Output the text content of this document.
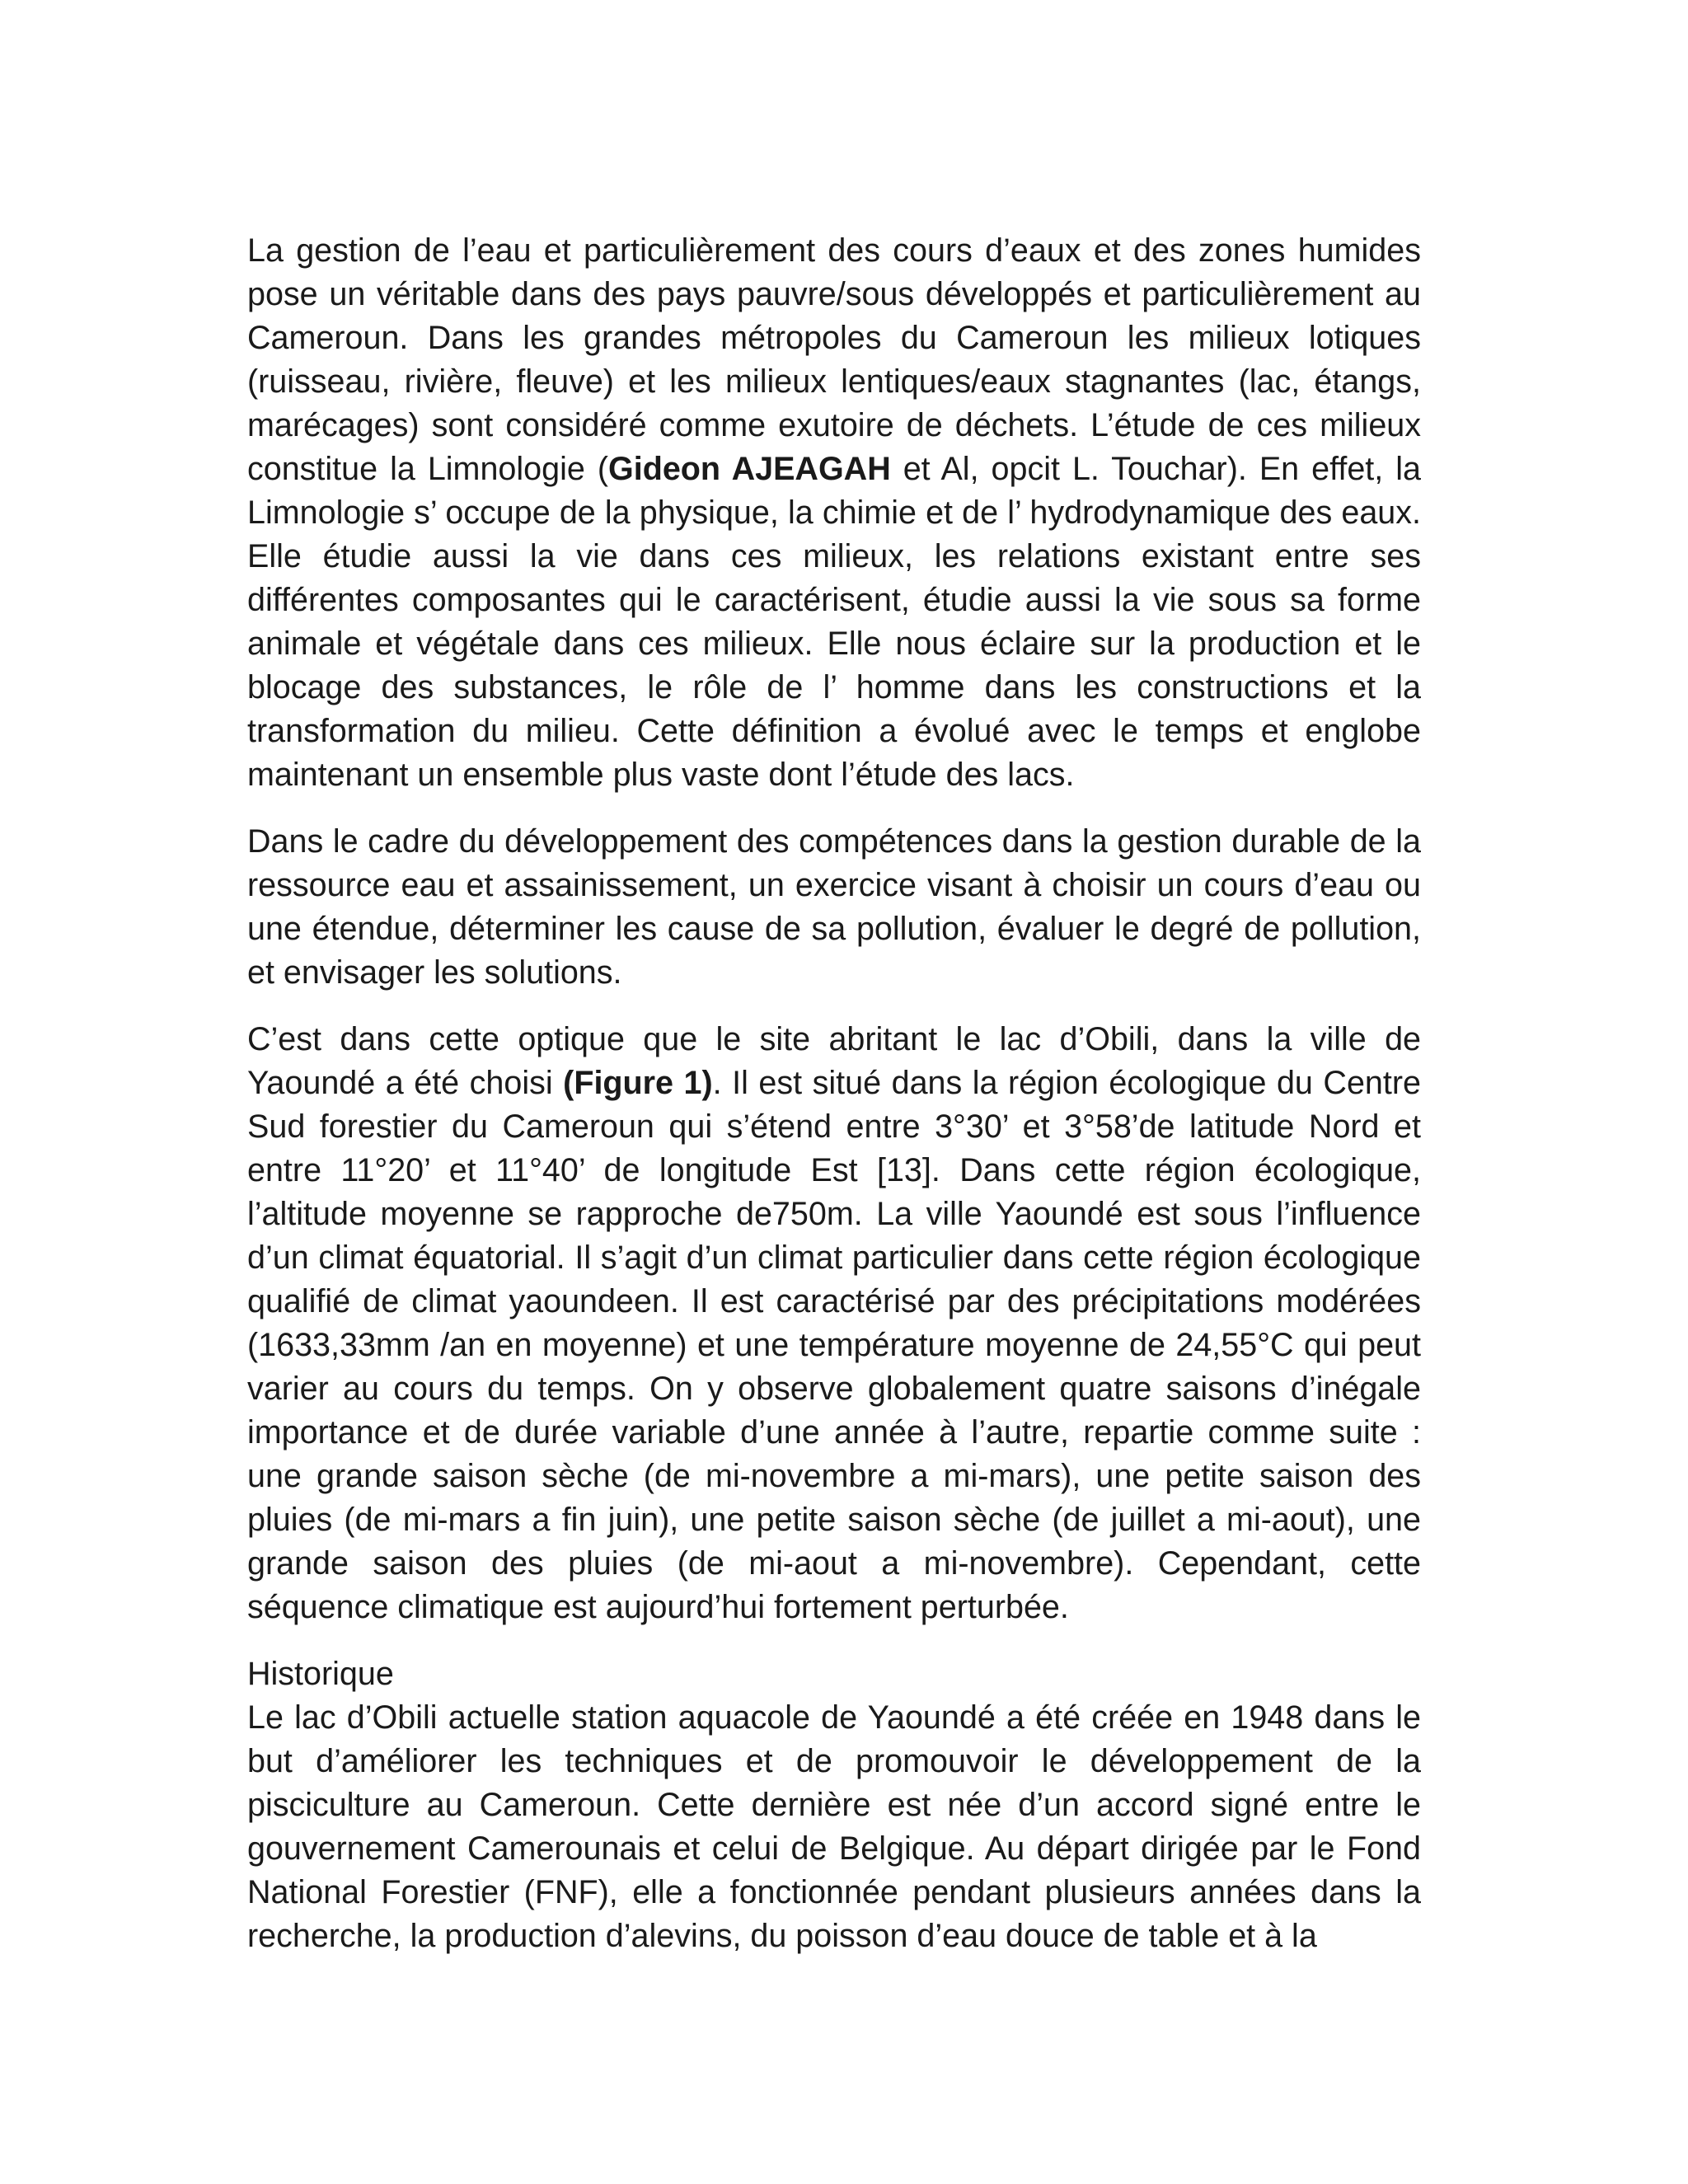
La gestion de l’eau et particulièrement des cours d’eaux et des zones humides pose un véritable dans des pays pauvre/sous développés et particulièrement au Cameroun. Dans les grandes métropoles du Cameroun les milieux lotiques (ruisseau, rivière, fleuve) et les milieux lentiques/eaux stagnantes (lac, étangs, marécages) sont considéré comme exutoire de déchets. L’étude de ces milieux constitue la Limnologie (Gideon AJEAGAH et Al, opcit L. Touchar). En effet, la Limnologie s’ occupe de la physique, la chimie et de l’ hydrodynamique des eaux. Elle étudie aussi la vie dans ces milieux, les relations existant entre ses différentes composantes qui le caractérisent, étudie aussi la vie sous sa forme animale et végétale dans ces milieux. Elle nous éclaire sur la production et le blocage des substances, le rôle de l’ homme dans les constructions et la transformation du milieu. Cette définition a évolué avec le temps et englobe maintenant un ensemble plus vaste dont l’étude des lacs.

Dans le cadre du développement des compétences dans la gestion durable de la ressource eau et assainissement, un exercice visant à choisir un cours d’eau ou une étendue, déterminer les cause de sa pollution, évaluer le degré de pollution, et envisager les solutions.

C’est dans cette optique que le site abritant le lac d’Obili, dans la ville de Yaoundé a été choisi (Figure 1). Il est situé dans la région écologique du Centre Sud forestier du Cameroun qui s’étend entre 3°30’ et 3°58’de latitude Nord et entre 11°20’ et 11°40’ de longitude Est [13]. Dans cette région écologique, l’altitude moyenne se rapproche de750m. La ville Yaoundé est sous l’influence d’un climat équatorial. Il s’agit d’un climat particulier dans cette région écologique qualifié de climat yaoundeen. Il est caractérisé par des précipitations modérées (1633,33mm /an en moyenne) et une température moyenne de 24,55°C qui peut varier au cours du temps. On y observe globalement quatre saisons d’inégale importance et de durée variable d’une année à l’autre, repartie comme suite : une grande saison sèche (de mi-novembre a mi-mars), une petite saison des pluies (de mi-mars a fin juin), une petite saison sèche (de juillet a mi-aout), une grande saison des pluies (de mi-aout a mi-novembre). Cependant, cette séquence climatique est aujourd’hui fortement perturbée.

Historique

Le lac d’Obili actuelle station aquacole de Yaoundé a été créée en 1948 dans le but d’améliorer les techniques et de promouvoir le développement de la pisciculture au Cameroun. Cette dernière est née d’un accord signé entre le gouvernement Camerounais et celui de Belgique. Au départ dirigée par le Fond National Forestier (FNF), elle a fonctionnée pendant plusieurs années dans la recherche, la production d’alevins, du poisson d’eau douce de table et à la
